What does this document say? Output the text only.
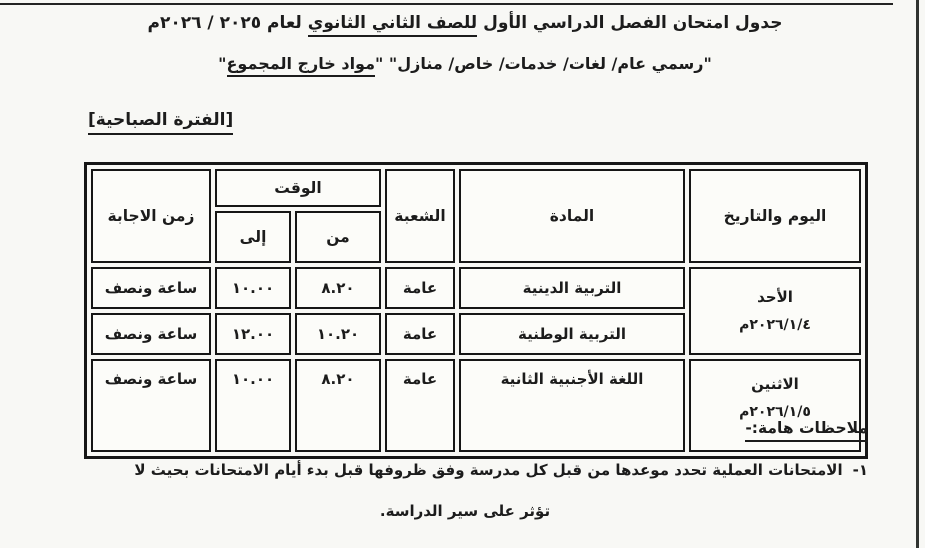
جدول امتحان الفصل الدراسي الأول للصف الثاني الثانوي لعام ٢٠٢٥ / ٢٠٢٦م
"رسمي عام/ لغات/ خدمات/ خاص/ منازل" "مواد خارج المجموع"
[الفترة الصباحية]
اليوم والتاريخ	المادة	الشعبة	الوقت		زمن الاجابة
			من	إلى	

الأحد
٢٠٢٦/١/٤م	التربية الدينية	عامة	٨.٢٠	١٠.٠٠	ساعة ونصف
	التربية الوطنية	عامة	١٠.٢٠	١٢.٠٠	ساعة ونصف

الاثنين
٢٠٢٦/١/٥م	اللغة الأجنبية الثانية	عامة	٨.٢٠	١٠.٠٠	ساعة ونصف
ملاحظات هامة:-
١-الامتحانات العملية تحدد موعدها من قبل كل مدرسة وفق ظروفها قبل بدء أيام الامتحانات بحيث لا
تؤثر على سير الدراسة.
